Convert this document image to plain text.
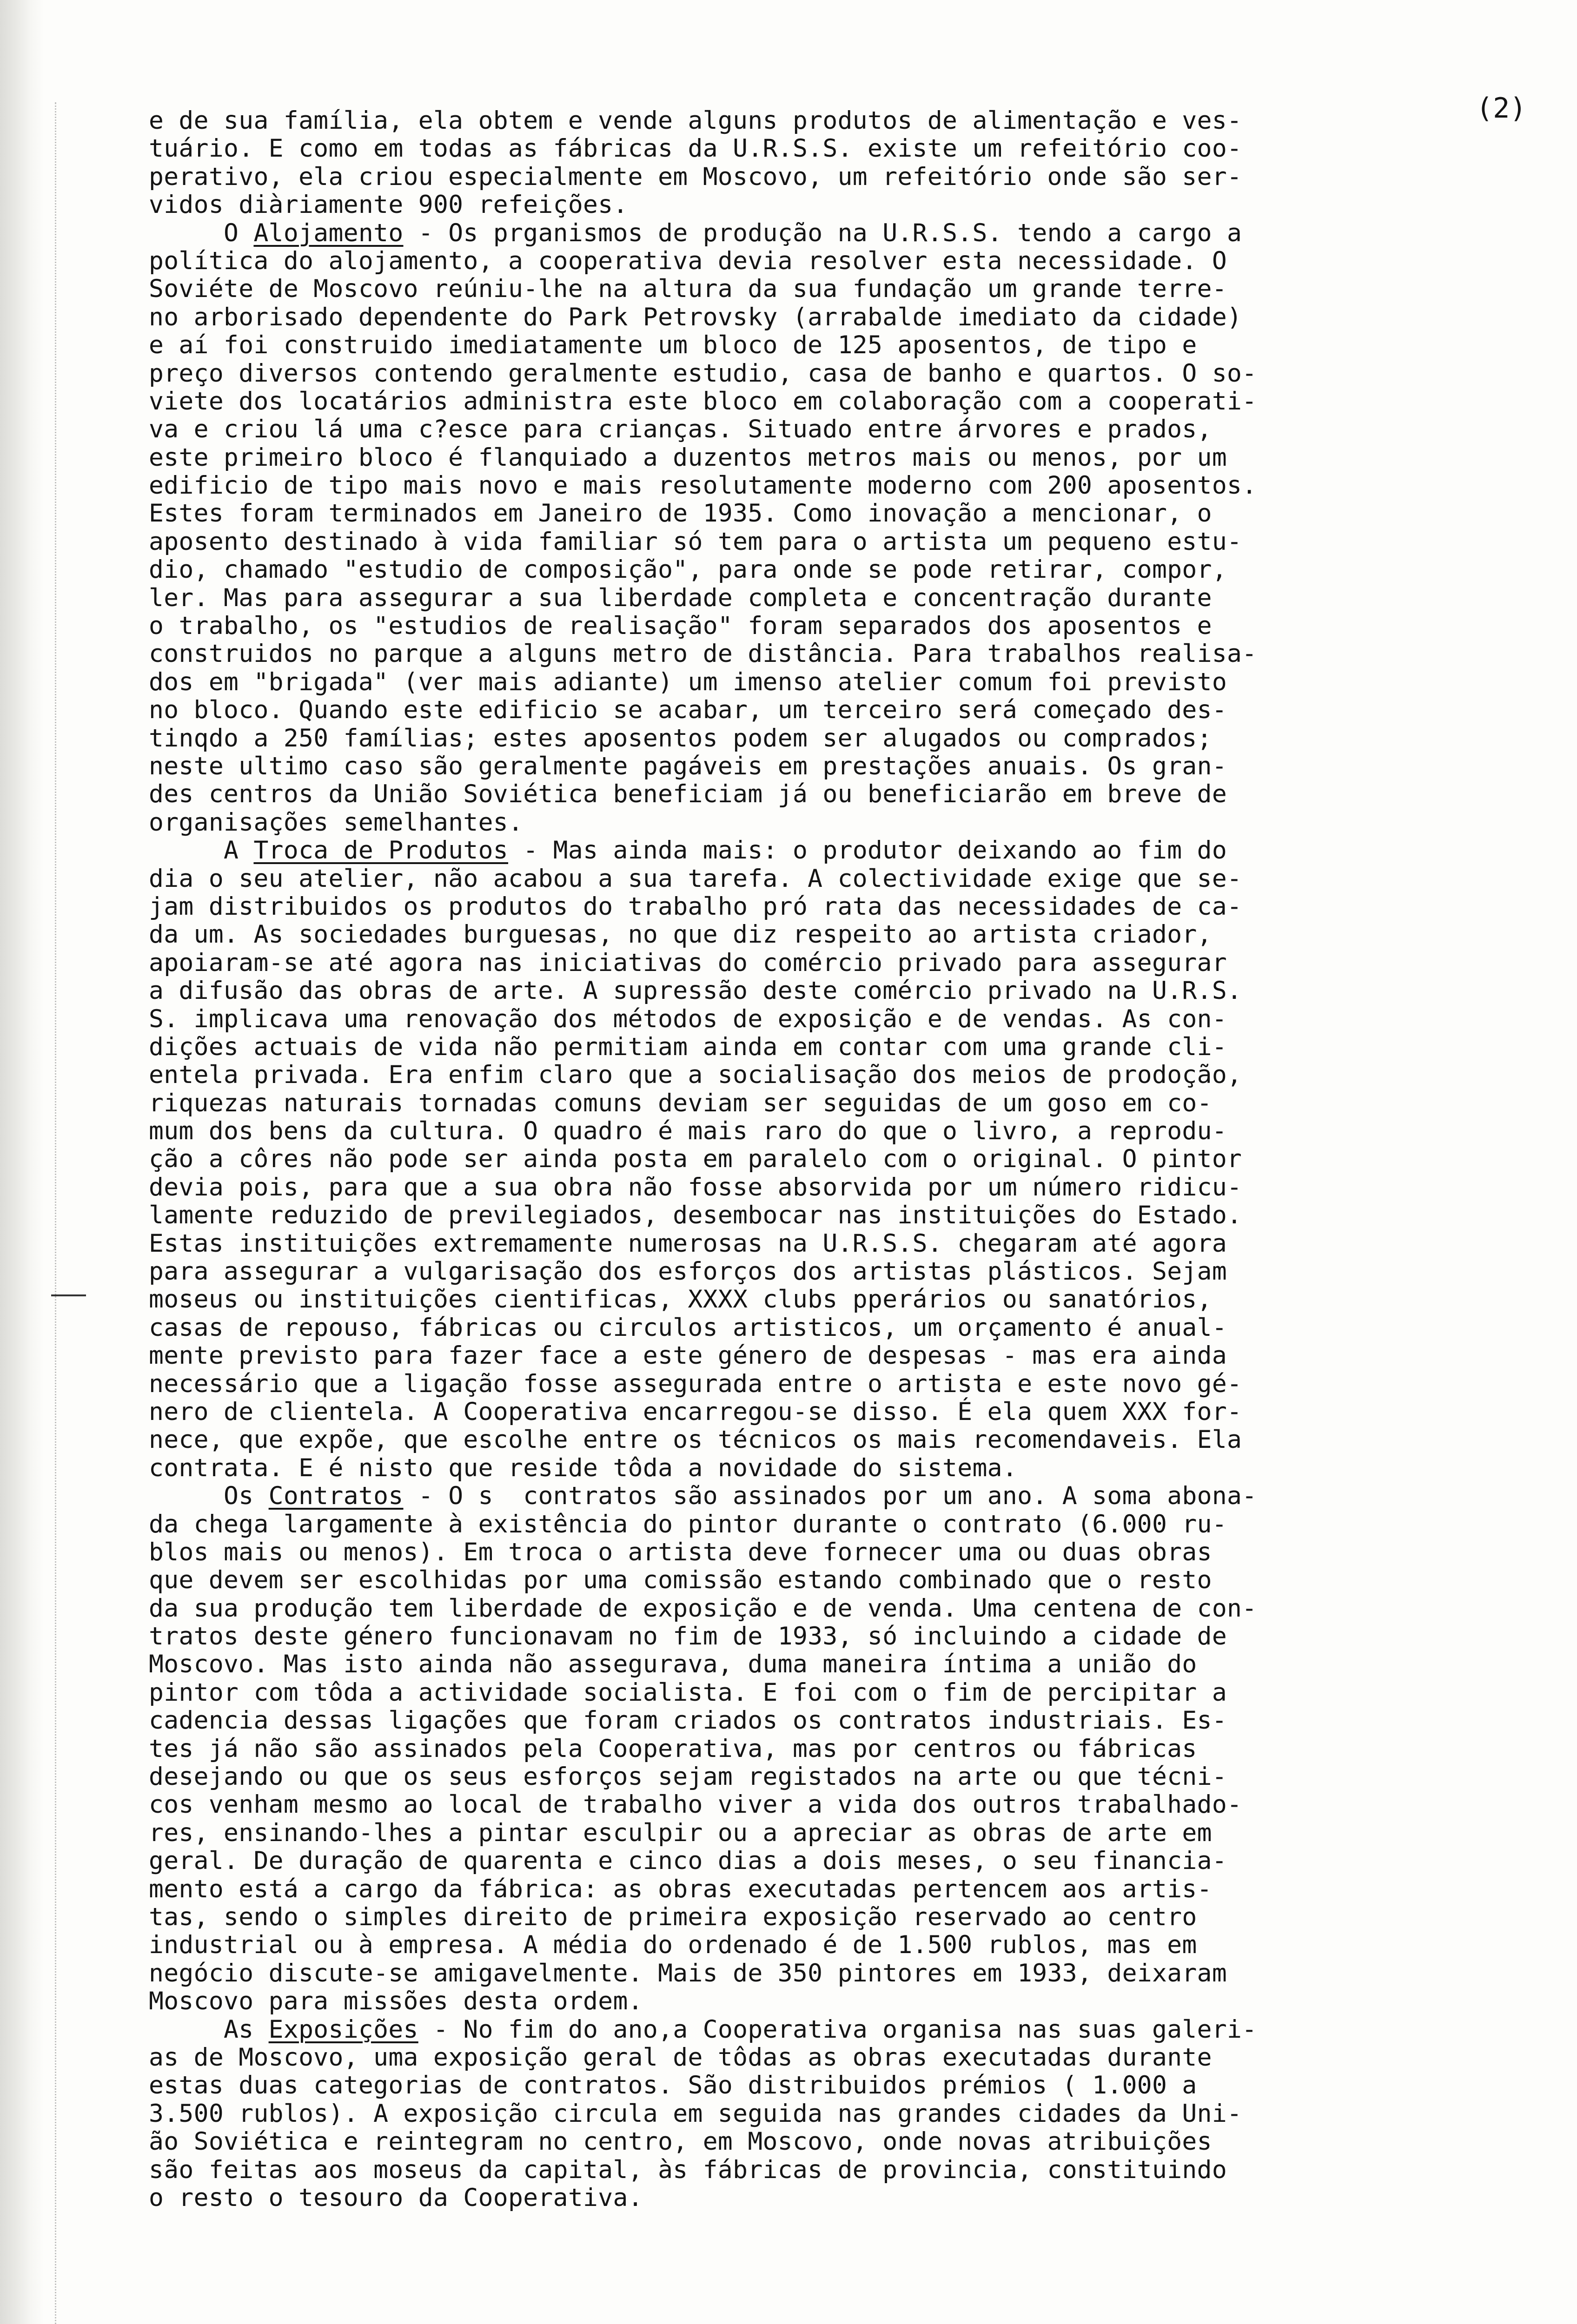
(2)
e de sua família, ela obtem e vende alguns produtos de alimentação e ves-
tuário. E como em todas as fábricas da U.R.S.S. existe um refeitório coo-
perativo, ela criou especialmente em Moscovo, um refeitório onde são ser-
vidos diàriamente 900 refeições.
O Alojamento - Os prganismos de produção na U.R.S.S. tendo a cargo a
política do alojamento, a cooperativa devia resolver esta necessidade. O
Soviéte de Moscovo reúniu-lhe na altura da sua fundação um grande terre-
no arborisado dependente do Park Petrovsky (arrabalde imediato da cidade)
e aí foi construido imediatamente um bloco de 125 aposentos, de tipo e
preço diversos contendo geralmente estudio, casa de banho e quartos. O so-
viete dos locatários administra este bloco em colaboração com a cooperati-
va e criou lá uma c?esce para crianças. Situado entre árvores e prados,
este primeiro bloco é flanquiado a duzentos metros mais ou menos, por um
edificio de tipo mais novo e mais resolutamente moderno com 200 aposentos.
Estes foram terminados em Janeiro de 1935. Como inovação a mencionar, o
aposento destinado à vida familiar só tem para o artista um pequeno estu-
dio, chamado "estudio de composição", para onde se pode retirar, compor,
ler. Mas para assegurar a sua liberdade completa e concentração durante
o trabalho, os "estudios de realisação" foram separados dos aposentos e
construidos no parque a alguns metro de distância. Para trabalhos realisa-
dos em "brigada" (ver mais adiante) um imenso atelier comum foi previsto
no bloco. Quando este edificio se acabar, um terceiro será começado des-
tinqdo a 250 famílias; estes aposentos podem ser alugados ou comprados;
neste ultimo caso são geralmente pagáveis em prestações anuais. Os gran-
des centros da União Soviética beneficiam já ou beneficiarão em breve de
organisações semelhantes.
A Troca de Produtos - Mas ainda mais: o produtor deixando ao fim do
dia o seu atelier, não acabou a sua tarefa. A colectividade exige que se-
jam distribuidos os produtos do trabalho pró rata das necessidades de ca-
da um. As sociedades burguesas, no que diz respeito ao artista criador,
apoiaram-se até agora nas iniciativas do comércio privado para assegurar
a difusão das obras de arte. A supressão deste comércio privado na U.R.S.
S. implicava uma renovação dos métodos de exposição e de vendas. As con-
dições actuais de vida não permitiam ainda em contar com uma grande cli-
entela privada. Era enfim claro que a socialisação dos meios de prodoção,
riquezas naturais tornadas comuns deviam ser seguidas de um goso em co-
mum dos bens da cultura. O quadro é mais raro do que o livro, a reprodu-
ção a côres não pode ser ainda posta em paralelo com o original. O pintor
devia pois, para que a sua obra não fosse absorvida por um número ridicu-
lamente reduzido de previlegiados, desembocar nas instituições do Estado.
Estas instituições extremamente numerosas na U.R.S.S. chegaram até agora
para assegurar a vulgarisação dos esforços dos artistas plásticos. Sejam
moseus ou instituições cientificas, XXXX clubs pperários ou sanatórios,
casas de repouso, fábricas ou circulos artisticos, um orçamento é anual-
mente previsto para fazer face a este género de despesas - mas era ainda
necessário que a ligação fosse assegurada entre o artista e este novo gé-
nero de clientela. A Cooperativa encarregou-se disso. É ela quem XXX for-
nece, que expõe, que escolhe entre os técnicos os mais recomendaveis. Ela
contrata. E é nisto que reside tôda a novidade do sistema.
Os Contratos - O s  contratos são assinados por um ano. A soma abona-
da chega largamente à existência do pintor durante o contrato (6.000 ru-
blos mais ou menos). Em troca o artista deve fornecer uma ou duas obras
que devem ser escolhidas por uma comissão estando combinado que o resto
da sua produção tem liberdade de exposição e de venda. Uma centena de con-
tratos deste género funcionavam no fim de 1933, só incluindo a cidade de
Moscovo. Mas isto ainda não assegurava, duma maneira íntima a união do
pintor com tôda a actividade socialista. E foi com o fim de percipitar a
cadencia dessas ligações que foram criados os contratos industriais. Es-
tes já não são assinados pela Cooperativa, mas por centros ou fábricas
desejando ou que os seus esforços sejam registados na arte ou que técni-
cos venham mesmo ao local de trabalho viver a vida dos outros trabalhado-
res, ensinando-lhes a pintar esculpir ou a apreciar as obras de arte em
geral. De duração de quarenta e cinco dias a dois meses, o seu financia-
mento está a cargo da fábrica: as obras executadas pertencem aos artis-
tas, sendo o simples direito de primeira exposição reservado ao centro
industrial ou à empresa. A média do ordenado é de 1.500 rublos, mas em
negócio discute-se amigavelmente. Mais de 350 pintores em 1933, deixaram
Moscovo para missões desta ordem.
As Exposições - No fim do ano,a Cooperativa organisa nas suas galeri-
as de Moscovo, uma exposição geral de tôdas as obras executadas durante
estas duas categorias de contratos. São distribuidos prémios ( 1.000 a
3.500 rublos). A exposição circula em seguida nas grandes cidades da Uni-
ão Soviética e reintegram no centro, em Moscovo, onde novas atribuições
são feitas aos moseus da capital, às fábricas de provincia, constituindo
o resto o tesouro da Cooperativa.
